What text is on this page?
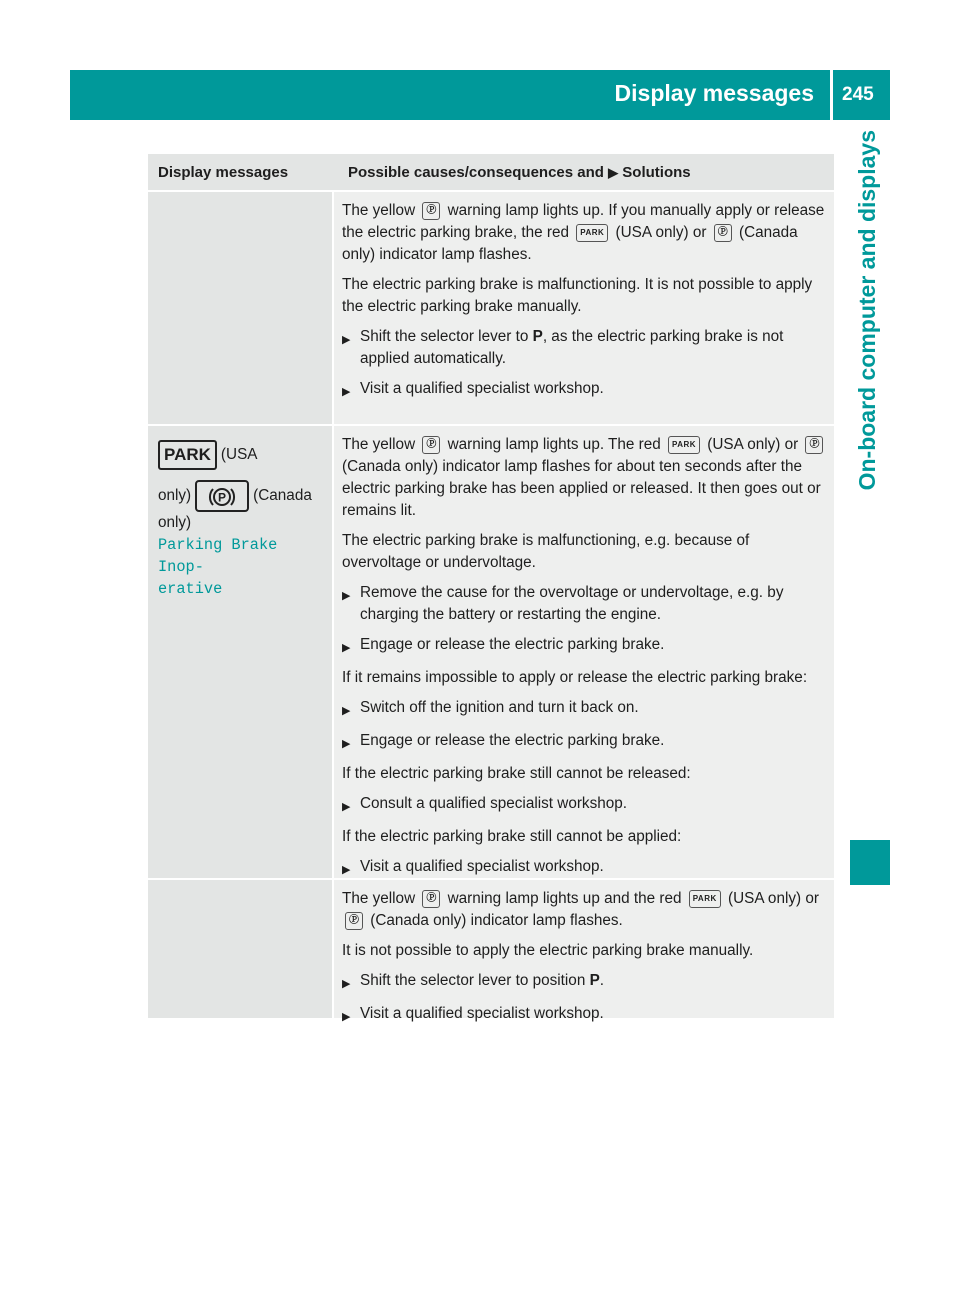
Display messages 245
On-board computer and displays
Display messages	Possible causes/consequences and ▶ Solutions

The yellow Ⓟ warning lamp lights up. If you manually apply or release the electric parking brake, the red PARK (USA only) or Ⓟ (Canada only) indicator lamp flashes.

The electric parking brake is malfunctioning. It is not possible to apply the electric parking brake manually.

▶ Shift the selector lever to P, as the electric parking brake is not applied automatically.
▶ Visit a qualified specialist workshop.
PARK (USA
only) P (Canada
only)
Parking Brake Inop‑
erative

The yellow Ⓟ warning lamp lights up. The red PARK (USA only) or Ⓟ (Canada only) indicator lamp flashes for about ten seconds after the electric parking brake has been applied or released. It then goes out or remains lit.

The electric parking brake is malfunctioning, e.g. because of overvoltage or undervoltage.

▶ Remove the cause for the overvoltage or undervoltage, e.g. by charging the battery or restarting the engine.
▶ Engage or release the electric parking brake.

If it remains impossible to apply or release the electric parking brake:

▶ Switch off the ignition and turn it back on.
▶ Engage or release the electric parking brake.

If the electric parking brake still cannot be released:

▶ Consult a qualified specialist workshop.

If the electric parking brake still cannot be applied:

▶ Visit a qualified specialist workshop.

The yellow Ⓟ warning lamp lights up and the red PARK (USA only) or Ⓟ (Canada only) indicator lamp flashes.

It is not possible to apply the electric parking brake manually.

▶ Shift the selector lever to position P.
▶ Visit a qualified specialist workshop.
